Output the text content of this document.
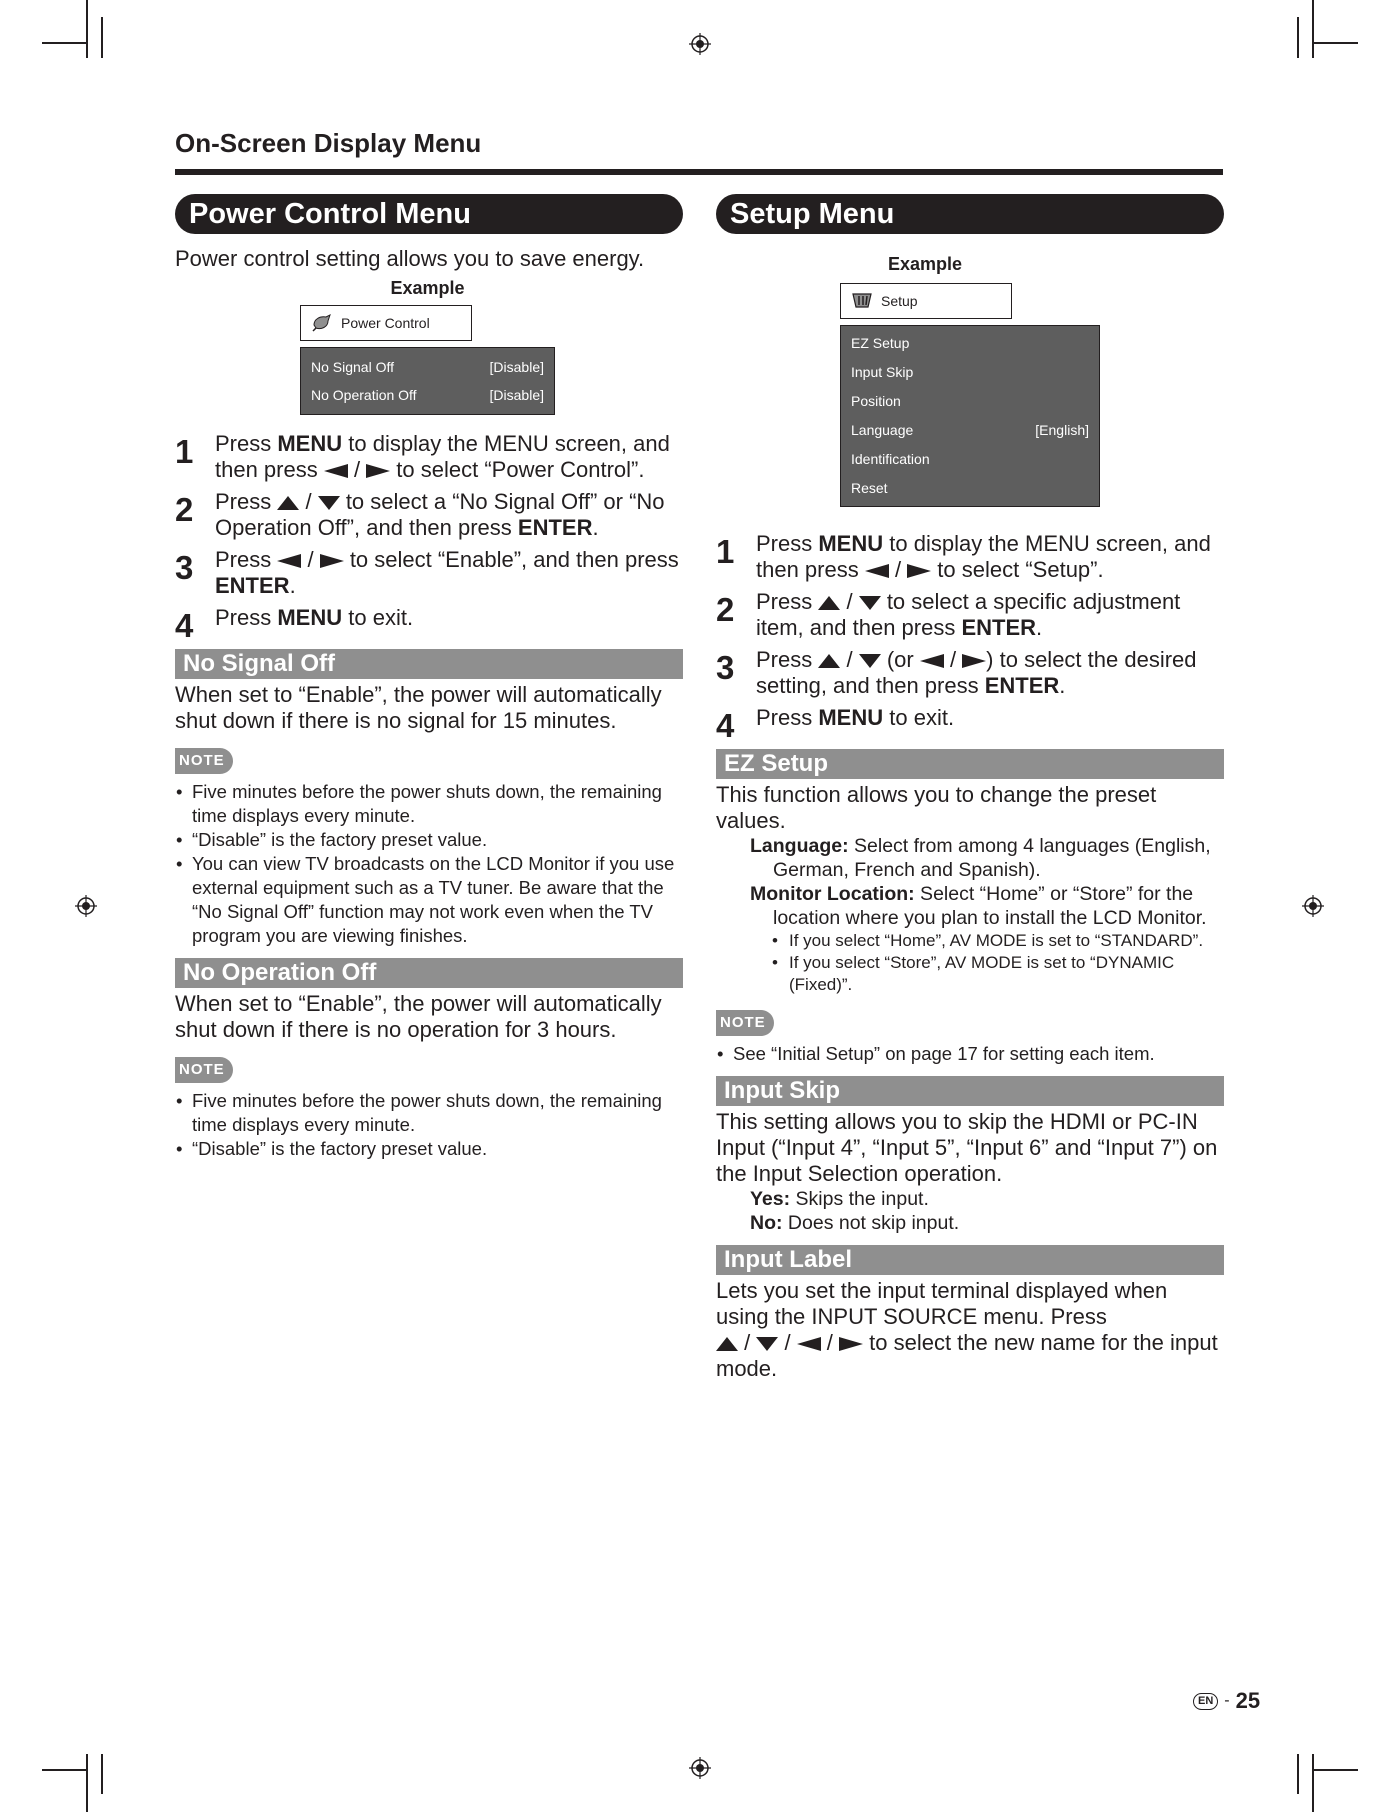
On-Screen Display Menu
Power Control Menu
Power control setting allows you to save energy.
Example
Power Control
No Signal Off	[Disable]
No Operation Off	[Disable]
1 Press MENU to display the MENU screen, and then press  /  to select “Power Control”.
2 Press  /  to select a “No Signal Off” or “No Operation Off”, and then press ENTER.
3 Press  /  to select “Enable”, and then press ENTER.
4 Press MENU to exit.
No Signal Off
When set to “Enable”, the power will automatically shut down if there is no signal for 15 minutes.
NOTE
• Five minutes before the power shuts down, the remaining time displays every minute.
• “Disable” is the factory preset value.
• You can view TV broadcasts on the LCD Monitor if you use external equipment such as a TV tuner. Be aware that the “No Signal Off” function may not work even when the TV program you are viewing finishes.
No Operation Off
When set to “Enable”, the power will automatically shut down if there is no operation for 3 hours.
NOTE
• Five minutes before the power shuts down, the remaining time displays every minute.
• “Disable” is the factory preset value.
Setup Menu
Example
Setup
EZ Setup
Input Skip
Position
Language	[English]
Identification
Reset
1 Press MENU to display the MENU screen, and then press  /  to select “Setup”.
2 Press  /  to select a specific adjustment item, and then press ENTER.
3 Press  /  (or  / ) to select the desired setting, and then press ENTER.
4 Press MENU to exit.
EZ Setup
This function allows you to change the preset values.
Language: Select from among 4 languages (English, German, French and Spanish).
Monitor Location: Select “Home” or “Store” for the location where you plan to install the LCD Monitor.
• If you select “Home”, AV MODE is set to “STANDARD”.
• If you select “Store”, AV MODE is set to “DYNAMIC (Fixed)”.
NOTE
• See “Initial Setup” on page 17 for setting each item.
Input Skip
This setting allows you to skip the HDMI or PC-IN Input (“Input 4”, “Input 5”, “Input 6” and “Input 7”) on the Input Selection operation.
Yes: Skips the input.
No: Does not skip input.
Input Label
Lets you set the input terminal displayed when using the INPUT SOURCE menu. Press
/  /  /  to select the new name for the input mode.
EN - 25
